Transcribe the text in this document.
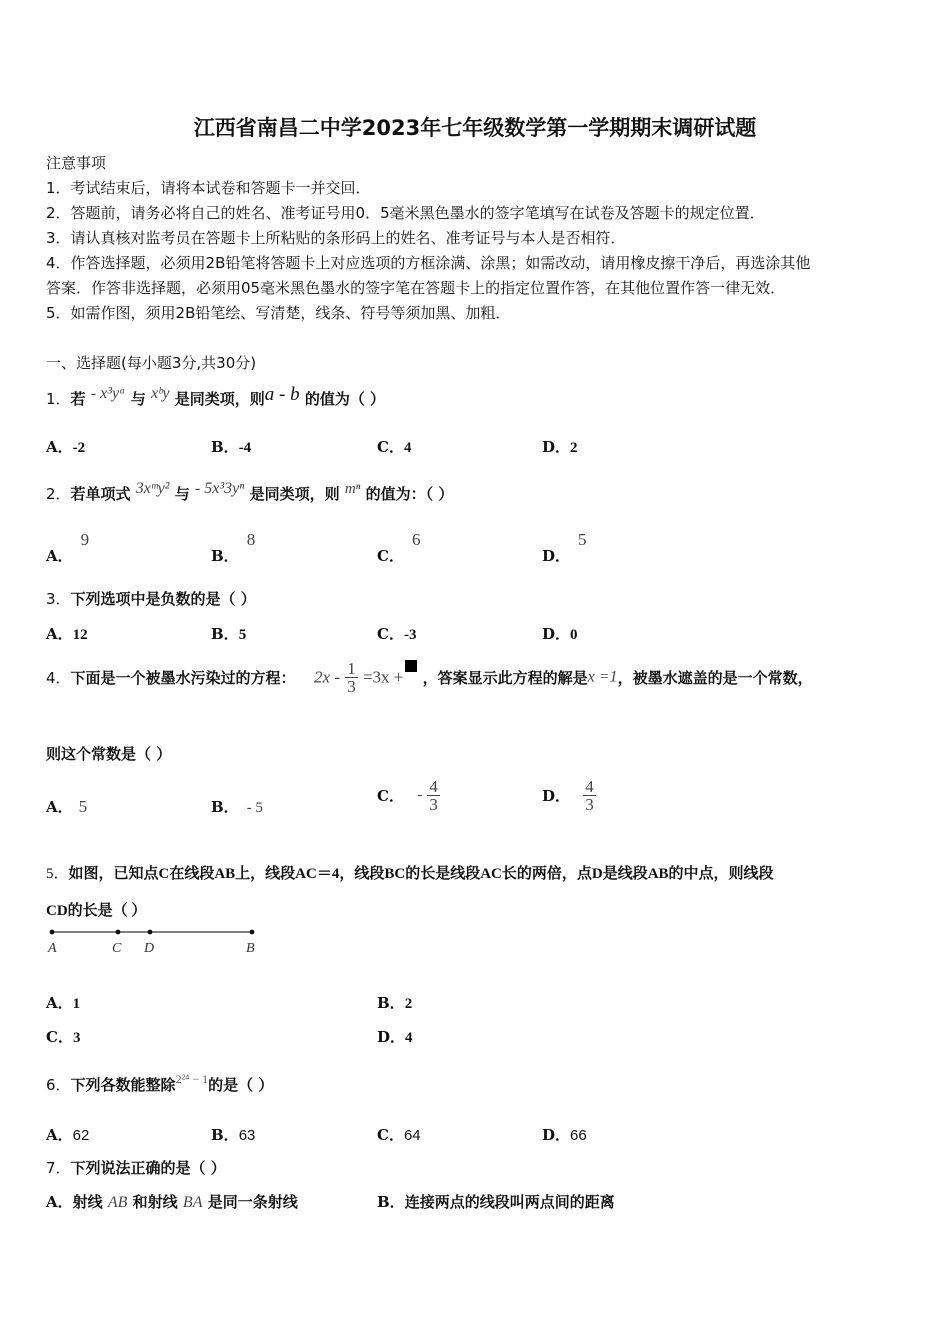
江西省南昌二中学2023年七年级数学第一学期期末调研试题
注意事项
1．考试结束后，请将本试卷和答题卡一并交回．
2．答题前，请务必将自己的姓名、准考证号用0．5毫米黑色墨水的签字笔填写在试卷及答题卡的规定位置．
3．请认真核对监考员在答题卡上所粘贴的条形码上的姓名、准考证号与本人是否相符．
4．作答选择题，必须用2B铅笔将答题卡上对应选项的方框涂满、涂黑；如需改动，请用橡皮擦干净后，再选涂其他
答案．作答非选择题，必须用05毫米黑色墨水的签字笔在答题卡上的指定位置作答，在其他位置作答一律无效．
5．如需作图，须用2B铅笔绘、写清楚，线条、符号等须加黑、加粗．
一、选择题(每小题3分,共30分)
1．若 - x³yᵃ 与 xᵇy 是同类项，则a - b 的值为（ ）
A．-2	B．-4	C．4	D．2
2．若单项式 3xᵐy² 与 - 5x³3yⁿ 是同类项，则 mⁿ 的值为：（ ）
A．9
B．8
C．6
D．5
3．下列选项中是负数的是（ ）
A．12	B．5	C．-3	D．0
4．下面是一个被墨水污染过的方程： $2x - \frac{1}{3} =3x$ + ，答案显示此方程的解是x =1，被墨水遮盖的是一个常数，
则这个常数是（ ）
A． 5	B． - 5
C． - $\frac{4}{3}$	D． $\frac{4}{3}$
5．如图，已知点C在线段AB上，线段AC＝4，线段BC的长是线段AC长的两倍，点D是线段AB的中点，则线段
CD的长是（ ）
A	C D	B
A．1	B．2
C．3	D．4
6．下列各数能整除$^{2^{24} - 1}$的是（ ）
A．62	B．63	C．64	D．66
7．下列说法正确的是（ ）
A．射线 AB 和射线 BA 是同一条射线	B．连接两点的线段叫两点间的距离
